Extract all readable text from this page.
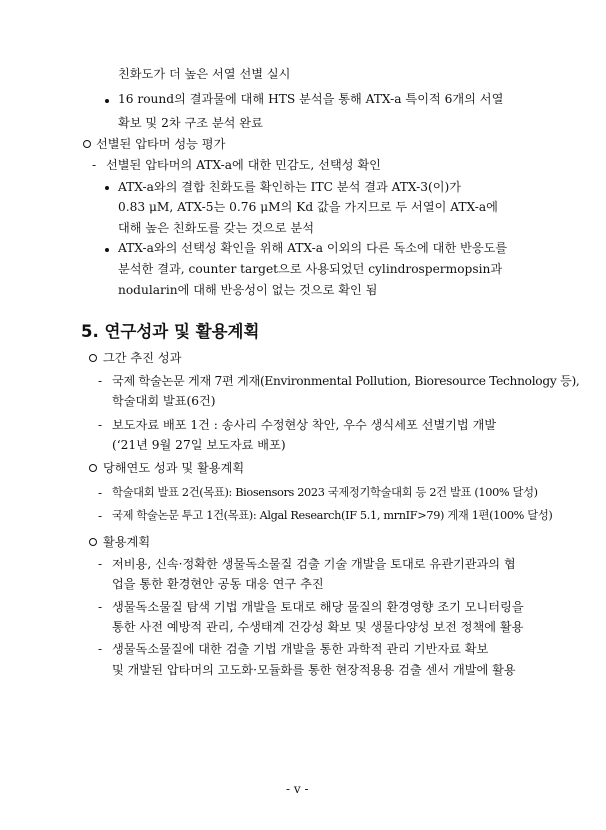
친화도가 더 높은 서열 선별 실시
16 round의 결과물에 대해 HTS 분석을 통해 ATX-a 특이적 6개의 서열
확보 및 2차 구조 분석 완료
선별된 압타머 성능 평가
- 선별된 압타머의 ATX-a에 대한 민감도, 선택성 확인
ATX-a와의 결합 친화도를 확인하는 ITC 분석 결과 ATX-3(이)가
0.83 μM, ATX-5는 0.76 μM의 Kd 값을 가지므로 두 서열이 ATX-a에
대해 높은 친화도를 갖는 것으로 분석
ATX-a와의 선택성 확인을 위해 ATX-a 이외의 다른 독소에 대한 반응도를
분석한 결과, counter target으로 사용되었던 cylindrospermopsin과
nodularin에 대해 반응성이 없는 것으로 확인 됨
5. 연구성과 및 활용계획
그간 추진 성과
- 국제 학술논문 게재 7편 게재(Environmental Pollution, Bioresource Technology 등),
학술대회 발표(6건)
- 보도자료 배포 1건 : 송사리 수정현상 착안, 우수 생식세포 선별기법 개발
(‘21년 9월 27일 보도자료 배포)
당해연도 성과 및 활용계획
- 학술대회 발표 2건(목표): Biosensors 2023 국제정기학술대회 등 2건 발표 (100% 달성)
- 국제 학술논문 투고 1건(목표): Algal Research(IF 5.1, mrnIF>79) 게재 1편(100% 달성)
활용계획
- 저비용, 신속·정확한 생물독소물질 검출 기술 개발을 토대로 유관기관과의 협
업을 통한 환경현안 공동 대응 연구 추진
- 생물독소물질 탐색 기법 개발을 토대로 해당 물질의 환경영향 조기 모니터링을
통한 사전 예방적 관리, 수생태계 건강성 확보 및 생물다양성 보전 정책에 활용
- 생물독소물질에 대한 검출 기법 개발을 통한 과학적 관리 기반자료 확보
및 개발된 압타머의 고도화·모듈화를 통한 현장적용용 검출 센서 개발에 활용
- v -
